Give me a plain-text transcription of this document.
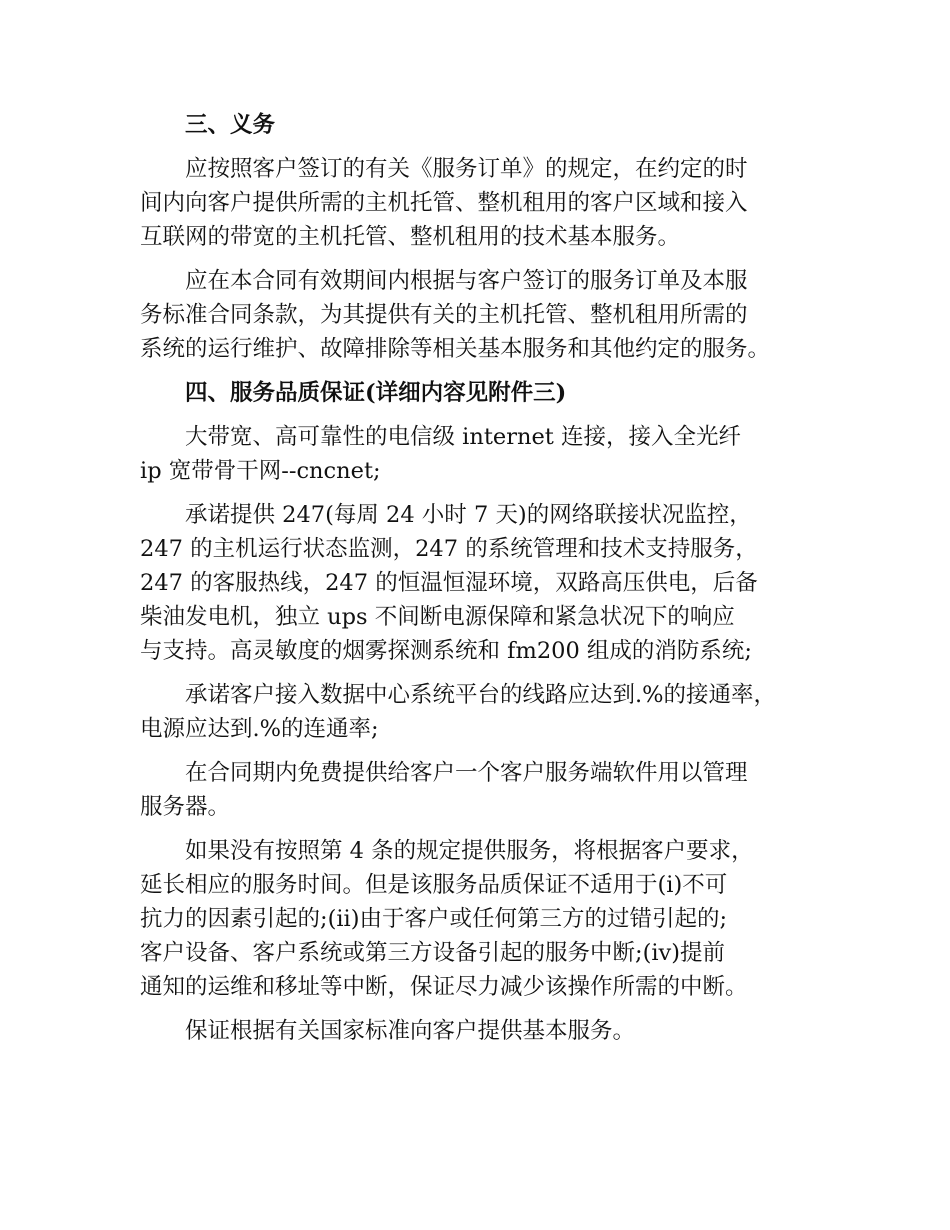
三、义务
应按照客户签订的有关《服务订单》的规定，在约定的时
间内向客户提供所需的主机托管、整机租用的客户区域和接入
互联网的带宽的主机托管、整机租用的技术基本服务。
应在本合同有效期间内根据与客户签订的服务订单及本服
务标准合同条款，为其提供有关的主机托管、整机租用所需的
系统的运行维护、故障排除等相关基本服务和其他约定的服务。
四、服务品质保证(详细内容见附件三)
大带宽、高可靠性的电信级 internet 连接，接入全光纤
ip 宽带骨干网--cncnet;
承诺提供 247(每周 24 小时 7 天)的网络联接状况监控，
247 的主机运行状态监测，247 的系统管理和技术支持服务，
247 的客服热线，247 的恒温恒湿环境，双路高压供电，后备
柴油发电机，独立 ups 不间断电源保障和紧急状况下的响应
与支持。高灵敏度的烟雾探测系统和 fm200 组成的消防系统;
承诺客户接入数据中心系统平台的线路应达到.%的接通率，
电源应达到.%的连通率;
在合同期内免费提供给客户一个客户服务端软件用以管理
服务器。
如果没有按照第 4 条的规定提供服务，将根据客户要求，
延长相应的服务时间。但是该服务品质保证不适用于(i)不可
抗力的因素引起的;(ii)由于客户或任何第三方的过错引起的;
客户设备、客户系统或第三方设备引起的服务中断;(iv)提前
通知的运维和移址等中断，保证尽力减少该操作所需的中断。
保证根据有关国家标准向客户提供基本服务。
